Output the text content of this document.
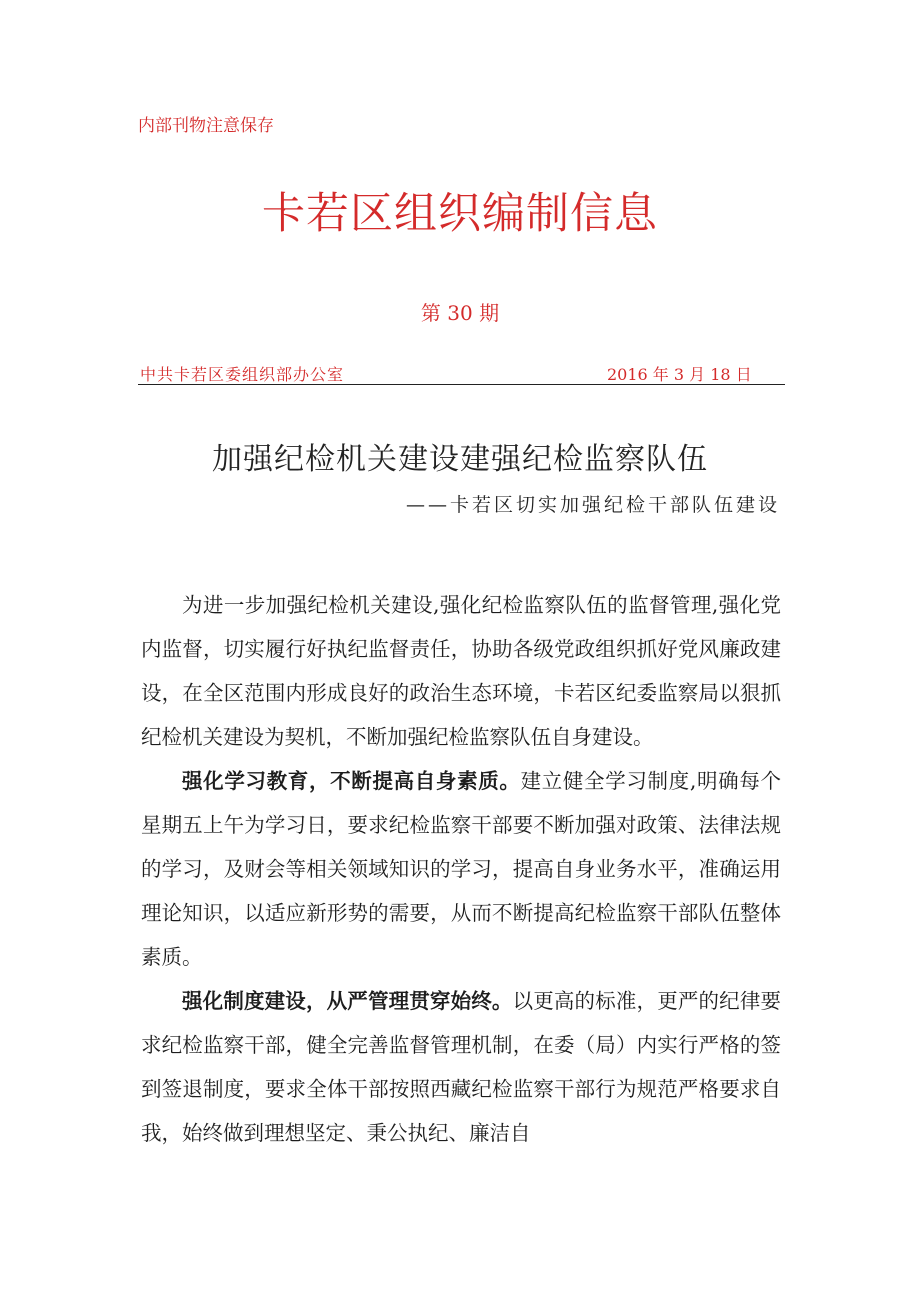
内部刊物注意保存
卡若区组织编制信息
第 30 期
中共卡若区委组织部办公室	2016 年 3 月 18 日
加强纪检机关建设建强纪检监察队伍
——卡若区切实加强纪检干部队伍建设

为进一步加强纪检机关建设,强化纪检监察队伍的监督管理,强化党内监督，切实履行好执纪监督责任，协助各级党政组织抓好党风廉政建设，在全区范围内形成良好的政治生态环境，卡若区纪委监察局以狠抓纪检机关建设为契机，不断加强纪检监察队伍自身建设。

强化学习教育，不断提高自身素质。建立健全学习制度,明确每个星期五上午为学习日，要求纪检监察干部要不断加强对政策、法律法规的学习，及财会等相关领域知识的学习，提高自身业务水平，准确运用理论知识，以适应新形势的需要，从而不断提高纪检监察干部队伍整体素质。

强化制度建设，从严管理贯穿始终。以更高的标准，更严的纪律要求纪检监察干部，健全完善监督管理机制，在委（局）内实行严格的签到签退制度，要求全体干部按照西藏纪检监察干部行为规范严格要求自我，始终做到理想坚定、秉公执纪、廉洁自
